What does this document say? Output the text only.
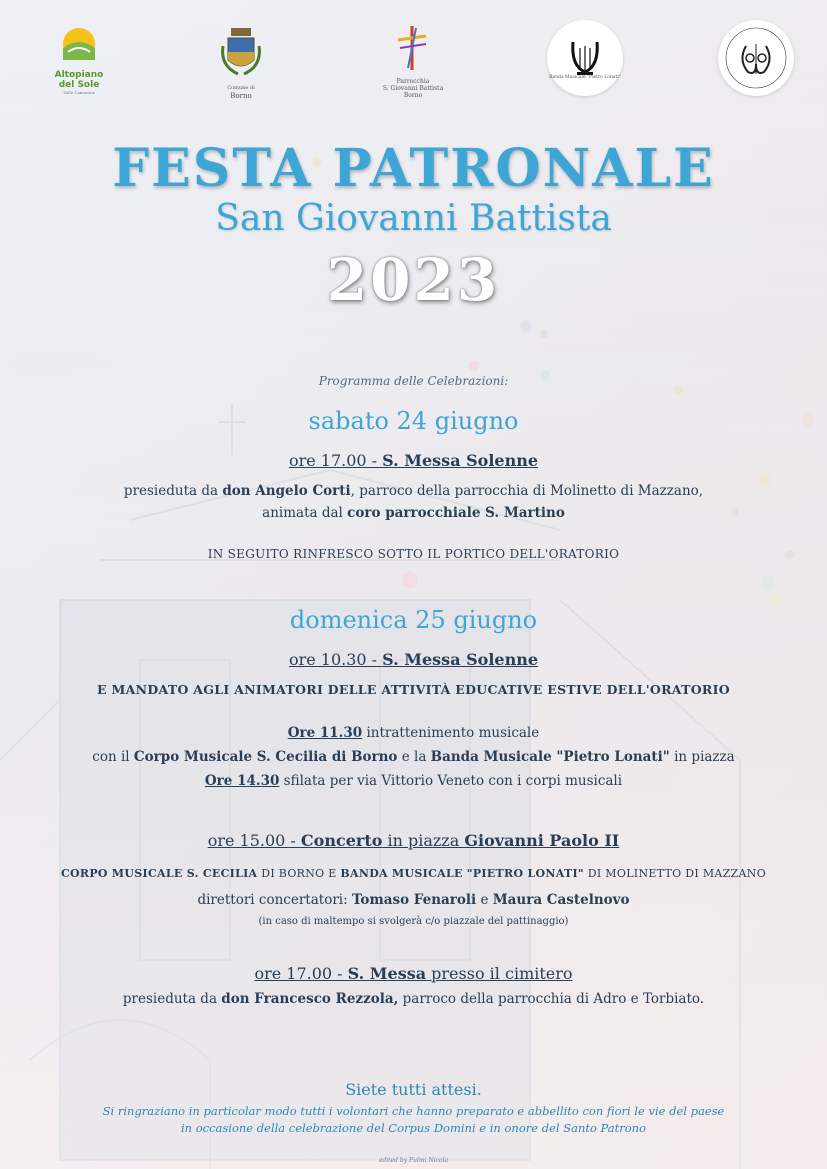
Altopiano
del Sole
Valle Camonica
Comune di
Borno
Parrocchia
S. Giovanni Battista
Borno
Banda Musicale "Pietro Lonati"
FESTA PATRONALE
San Giovanni Battista
2023
Programma delle Celebrazioni:
sabato 24 giugno
ore 17.00 - S. Messa Solenne
presieduta da don Angelo Corti, parroco della parrocchia di Molinetto di Mazzano,
animata dal coro parrocchiale S. Martino
IN SEGUITO RINFRESCO SOTTO IL PORTICO DELL'ORATORIO
domenica 25 giugno
ore 10.30 - S. Messa Solenne
E MANDATO AGLI ANIMATORI DELLE ATTIVITÀ EDUCATIVE ESTIVE DELL'ORATORIO
Ore 11.30 intrattenimento musicale
con il Corpo Musicale S. Cecilia di Borno e la Banda Musicale "Pietro Lonati" in piazza
Ore 14.30 sfilata per via Vittorio Veneto con i corpi musicali
ore 15.00 - Concerto in piazza Giovanni Paolo II
CORPO MUSICALE S. CECILIA DI BORNO E BANDA MUSICALE "PIETRO LONATI" DI MOLINETTO DI MAZZANO
direttori concertatori: Tomaso Fenaroli e Maura Castelnovo
(in caso di maltempo si svolgerà c/o piazzale del pattinaggio)
ore 17.00 - S. Messa presso il cimitero
presieduta da don Francesco Rezzola, parroco della parrocchia di Adro e Torbiato.
Siete tutti attesi.
Si ringraziano in particolar modo tutti i volontari che hanno preparato e abbellito con fiori le vie del paese
in occasione della celebrazione del Corpus Domini e in onore del Santo Patrono
edited by Fulmi Nicola
